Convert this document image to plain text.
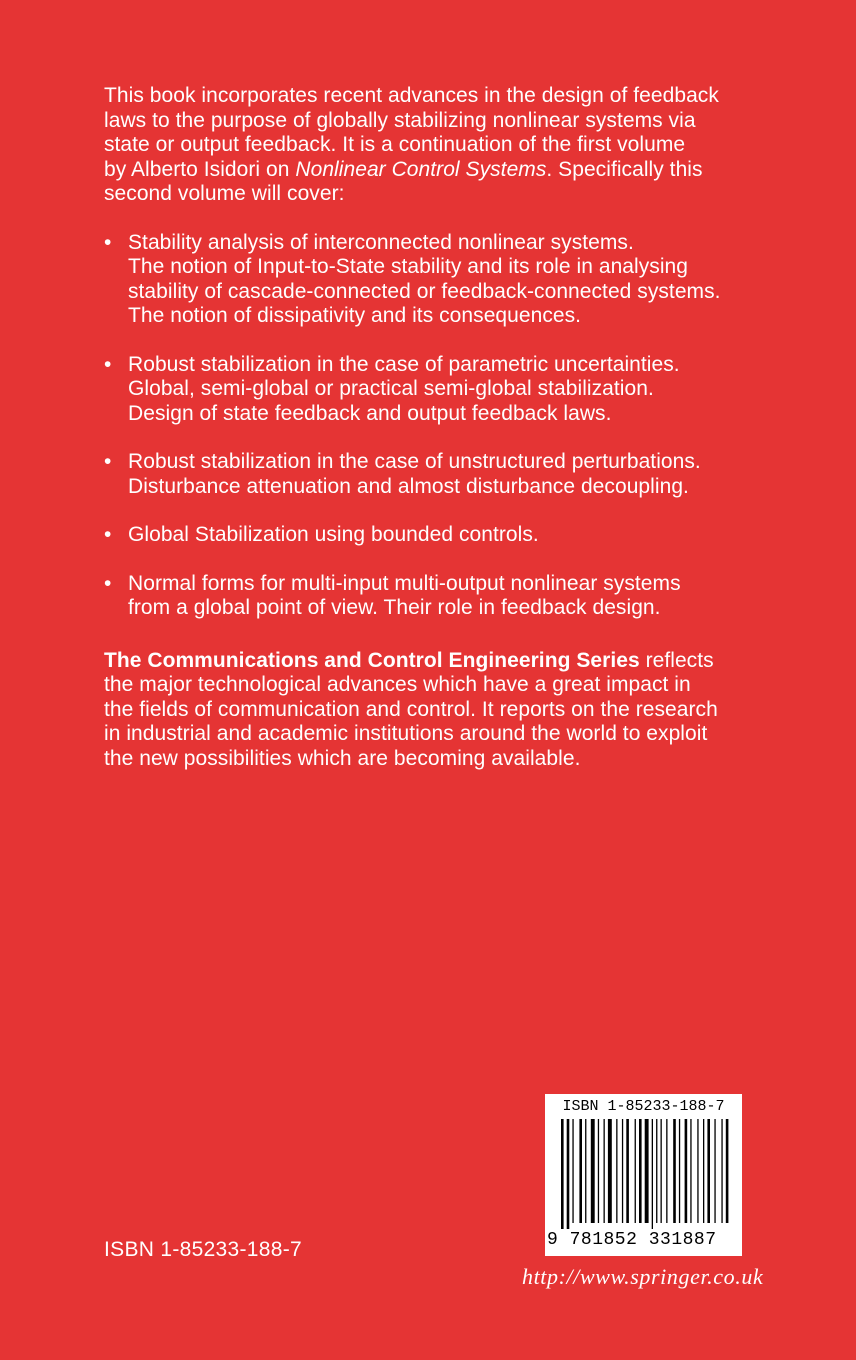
This book incorporates recent advances in the design of feedback
laws to the purpose of globally stabilizing nonlinear systems via
state or output feedback. It is a continuation of the first volume
by Alberto Isidori on Nonlinear Control Systems. Specifically this
second volume will cover:

• Stability analysis of interconnected nonlinear systems.
The notion of Input-to-State stability and its role in analysing
stability of cascade-connected or feedback-connected systems.
The notion of dissipativity and its consequences.
• Robust stabilization in the case of parametric uncertainties.
Global, semi-global or practical semi-global stabilization.
Design of state feedback and output feedback laws.
• Robust stabilization in the case of unstructured perturbations.
Disturbance attenuation and almost disturbance decoupling.
• Global Stabilization using bounded controls.
• Normal forms for multi-input multi-output nonlinear systems
from a global point of view. Their role in feedback design.

The Communications and Control Engineering Series reflects
the major technological advances which have a great impact in
the fields of communication and control. It reports on the research
in industrial and academic institutions around the world to exploit
the new possibilities which are becoming available.

ISBN 1-85233-188-7
ISBN 1-85233-188-7
9 781852 331887
http://www.springer.co.uk
